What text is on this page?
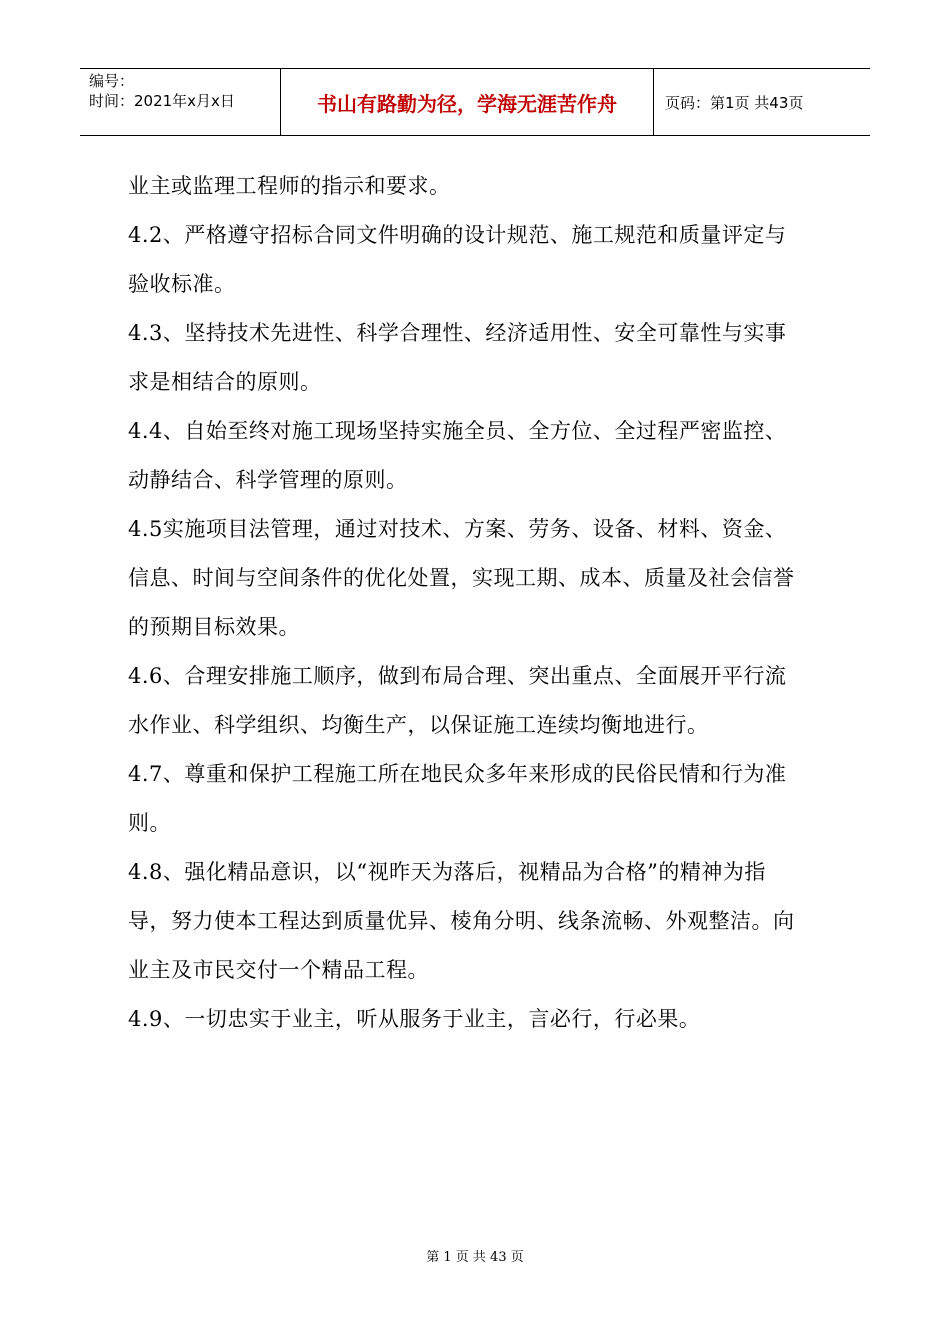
编号：
时间：2021年x月x日	书山有路勤为径，学海无涯苦作舟	页码：第1页 共43页

业主或监理工程师的指示和要求。

4.2、严格遵守招标合同文件明确的设计规范、施工规范和质量评定与

验收标准。

4.3、坚持技术先进性、科学合理性、经济适用性、安全可靠性与实事

求是相结合的原则。

4.4、自始至终对施工现场坚持实施全员、全方位、全过程严密监控、

动静结合、科学管理的原则。

4.5实施项目法管理，通过对技术、方案、劳务、设备、材料、资金、

信息、时间与空间条件的优化处置，实现工期、成本、质量及社会信誉

的预期目标效果。

4.6、合理安排施工顺序，做到布局合理、突出重点、全面展开平行流

水作业、科学组织、均衡生产，以保证施工连续均衡地进行。

4.7、尊重和保护工程施工所在地民众多年来形成的民俗民情和行为准

则。

4.8、强化精品意识，以“视昨天为落后，视精品为合格”的精神为指

导，努力使本工程达到质量优异、棱角分明、线条流畅、外观整洁。向

业主及市民交付一个精品工程。

4.9、一切忠实于业主，听从服务于业主，言必行，行必果。

第 1 页 共 43 页
